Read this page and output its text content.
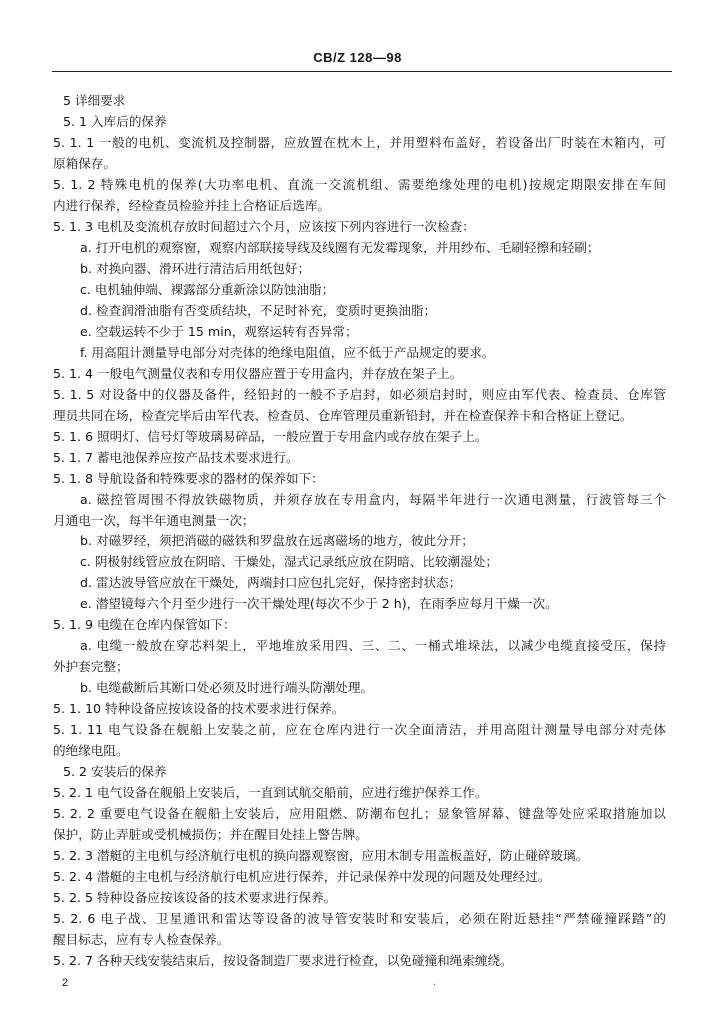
CB/Z 128—98
5 详细要求
5. 1 入库后的保养
5. 1. 1 一般的电机、变流机及控制器，应放置在枕木上，并用塑料布盖好，若设备出厂时装在木箱内，可
原箱保存。
5. 1. 2 特殊电机的保养(大功率电机、直流一交流机组、需要绝缘处理的电机)按规定期限安排在车间
内进行保养，经检查员检验并挂上合格证后选库。
5. 1. 3 电机及变流机存放时间超过六个月，应该按下列内容进行一次检查：
a. 打开电机的观察窗，观察内部联接导线及线圈有无发霉现象，并用纱布、毛刷轻擦和轻刷；
b. 对换向器、滑环进行清洁后用纸包好；
c. 电机轴伸端、裸露部分重新涂以防蚀油脂；
d. 检查润滑油脂有否变质结块，不足时补充，变质时更换油脂；
e. 空载运转不少于 15 min，观察运转有否异常；
f. 用高阻计测量导电部分对壳体的绝缘电阻值，应不低于产品规定的要求。
5. 1. 4 一般电气测量仪表和专用仪器应置于专用盒内，并存放在架子上。
5. 1. 5 对设备中的仪器及备件，经铅封的一般不予启封，如必须启封时，则应由军代表、检查员、仓库管
理员共同在场，检查完毕后由军代表、检查员、仓库管理员重新铅封，并在检查保养卡和合格证上登记。
5. 1. 6 照明灯、信号灯等玻璃易碎品，一般应置于专用盒内或存放在架子上。
5. 1. 7 蓄电池保养应按产品技术要求进行。
5. 1. 8 导航设备和特殊要求的器材的保养如下：
a. 磁控管周围不得放铁磁物质，并须存放在专用盒内，每隔半年进行一次通电测量，行波管每三个
月通电一次，每半年通电测量一次；
b. 对磁罗经，须把消磁的磁铁和罗盘放在远离磁场的地方，彼此分开；
c. 阴极射线管应放在阴暗、干燥处，湿式记录纸应放在阴暗、比较潮湿处；
d. 雷达波导管应放在干燥处，两端封口应包扎完好，保持密封状态；
e. 潜望镜每六个月至少进行一次干燥处理(每次不少于 2 h)，在雨季应每月干燥一次。
5. 1. 9 电缆在仓库内保管如下：
a. 电缆一般放在穿芯料架上，平地堆放采用四、三、二、一桶式堆垛法，以减少电缆直接受压，保持
外护套完整；
b. 电缆截断后其断口处必须及时进行端头防潮处理。
5. 1. 10 特种设备应按该设备的技术要求进行保养。
5. 1. 11 电气设备在舰船上安装之前，应在仓库内进行一次全面清洁，并用高阻计测量导电部分对壳体
的绝缘电阻。
5. 2 安装后的保养
5. 2. 1 电气设备在舰船上安装后，一直到试航交船前，应进行维护保养工作。
5. 2. 2 重要电气设备在舰船上安装后，应用阻燃、防潮布包扎；显象管屏幕、键盘等处应采取措施加以
保护，防止弄脏或受机械损伤；并在醒目处挂上警告牌。
5. 2. 3 潜艇的主电机与经济航行电机的换向器观察窗，应用木制专用盖板盖好，防止碰碎玻璃。
5. 2. 4 潜艇的主电机与经济航行电机应进行保养，并记录保养中发现的问题及处理经过。
5. 2. 5 特种设备应按该设备的技术要求进行保养。
5. 2. 6 电子战、卫星通讯和雷达等设备的波导管安装时和安装后，必须在附近悬挂“严禁碰撞踩踏”的
醒目标志，应有专人检查保养。
5. 2. 7 各种天线安装结束后，按设备制造厂要求进行检查，以免碰撞和绳索缠绕。
2	·
